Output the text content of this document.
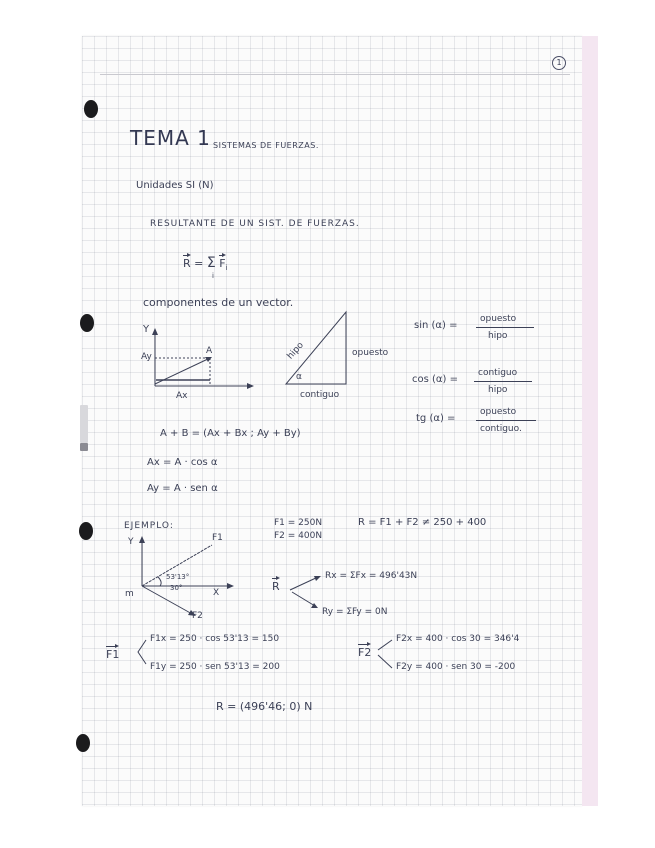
1
TEMA 1 SISTEMAS DE FUERZAS.
Unidades SI (N)
RESULTANTE DE UN SIST. DE FUERZAS.
R = Σ $F_i$
i
componentes de un vector.
Y
A
Ay
Ax
hipo	opuesto
contiguo
α
sin (α) =
opuesto
hipo
cos (α) =
contiguo
hipo
tg (α) =
opuesto
contiguo.
A + B = (Ax + Bx ; Ay + By)
Ax = A · cos α
Ay = A · sen α
EJEMPLO:	F1 = 250N
F2 = 400N
R = F1 + F2 ≠ 250 + 400
Y
X
m
F1
F2
53'13°
30°	R
Rx = ΣFx = 496'43N
Ry = ΣFy = 0N
F1
F1x = 250 · cos 53'13 = 150
F1y = 250 · sen 53'13 = 200
F2
F2x = 400 · cos 30 = 346'4
F2y = 400 · sen 30 = -200
R = (496'46; 0) N
